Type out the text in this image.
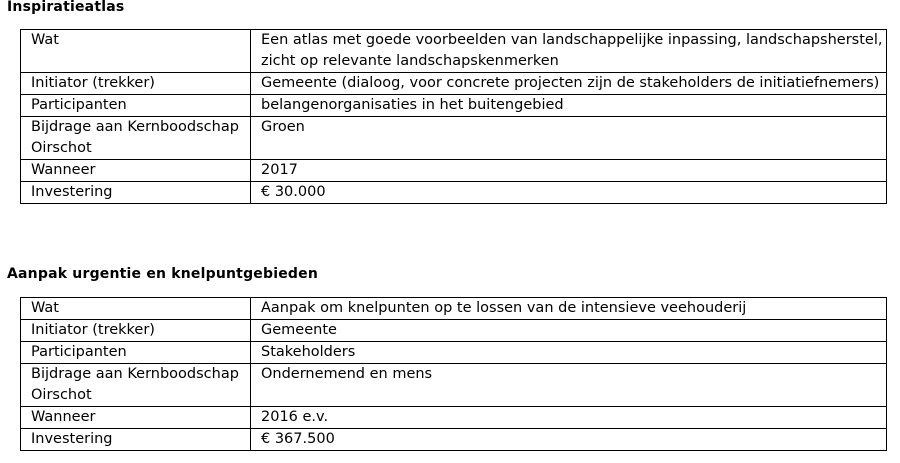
Inspiratieatlas
Wat	Een atlas met goede voorbeelden van landschappelijke inpassing, landschapsherstel, zicht op relevante landschapskenmerken
Initiator (trekker)	Gemeente (dialoog, voor concrete projecten zijn de stakeholders de initiatiefnemers)
Participanten	belangenorganisaties in het buitengebied
Bijdrage aan Kernboodschap Oirschot	Groen
Wanneer	2017
Investering	€ 30.000
Aanpak urgentie en knelpuntgebieden
Wat	Aanpak om knelpunten op te lossen van de intensieve veehouderij
Initiator (trekker)	Gemeente
Participanten	Stakeholders
Bijdrage aan Kernboodschap Oirschot	Ondernemend en mens
Wanneer	2016 e.v.
Investering	€ 367.500
